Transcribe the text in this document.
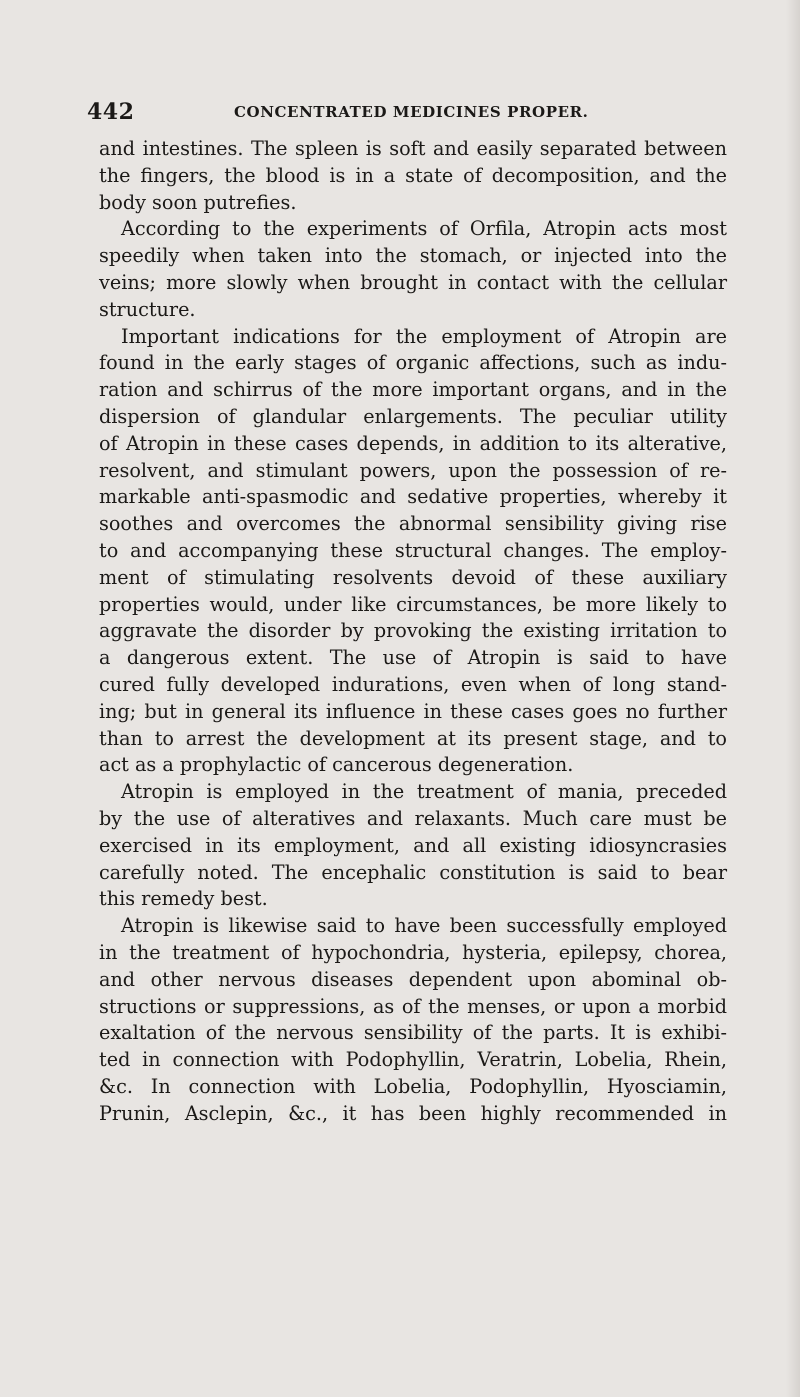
442	CONCENTRATED MEDICINES PROPER.
and intestines. The spleen is soft and easily separated between
the fingers, the blood is in a state of decomposition, and the
body soon putrefies.
According to the experiments of Orfila, Atropin acts most
speedily when taken into the stomach, or injected into the
veins; more slowly when brought in contact with the cellular
structure.
Important indications for the employment of Atropin are
found in the early stages of organic affections, such as indu-
ration and schirrus of the more important organs, and in the
dispersion of glandular enlargements. The peculiar utility
of Atropin in these cases depends, in addition to its alterative,
resolvent, and stimulant powers, upon the possession of re-
markable anti-spasmodic and sedative properties, whereby it
soothes and overcomes the abnormal sensibility giving rise
to and accompanying these structural changes. The employ-
ment of stimulating resolvents devoid of these auxiliary
properties would, under like circumstances, be more likely to
aggravate the disorder by provoking the existing irritation to
a dangerous extent. The use of Atropin is said to have
cured fully developed indurations, even when of long stand-
ing; but in general its influence in these cases goes no further
than to arrest the development at its present stage, and to
act as a prophylactic of cancerous degeneration.
Atropin is employed in the treatment of mania, preceded
by the use of alteratives and relaxants. Much care must be
exercised in its employment, and all existing idiosyncrasies
carefully noted. The encephalic constitution is said to bear
this remedy best.
Atropin is likewise said to have been successfully employed
in the treatment of hypochondria, hysteria, epilepsy, chorea,
and other nervous diseases dependent upon abominal ob-
structions or suppressions, as of the menses, or upon a morbid
exaltation of the nervous sensibility of the parts. It is exhibi-
ted in connection with Podophyllin, Veratrin, Lobelia, Rhein,
&c. In connection with Lobelia, Podophyllin, Hyosciamin,
Prunin, Asclepin, &c., it has been highly recommended in
